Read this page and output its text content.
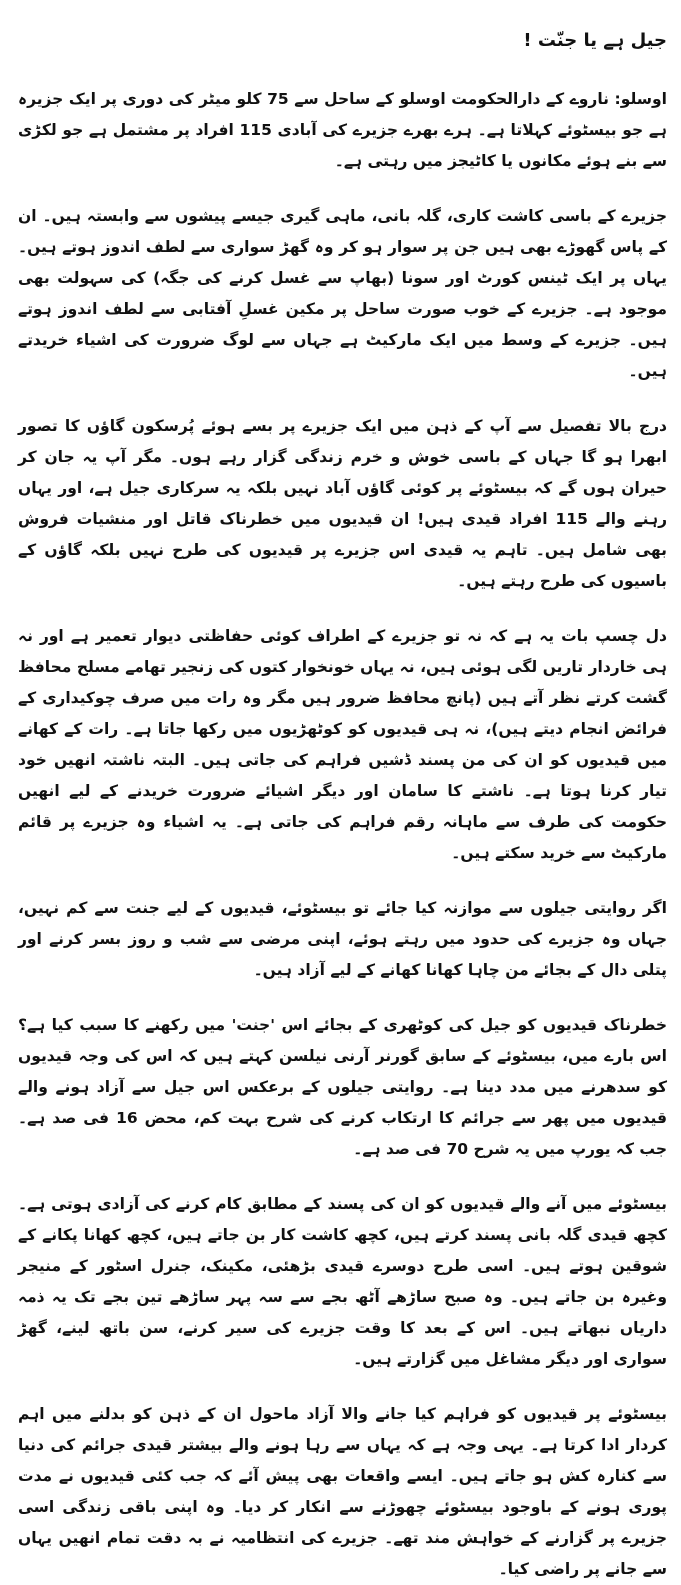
جیل ہے یا جنّت !

اوسلو: ناروے کے دارالحکومت اوسلو کے ساحل سے 75 کلو میٹر کی دوری پر ایک جزیرہ ہے جو بیسٹوئے کہلاتا ہے۔ ہرے بھرے جزیرے کی آبادی 115 افراد پر مشتمل ہے جو لکڑی سے بنے ہوئے مکانوں یا کاٹیجز میں رہتی ہے۔

جزیرے کے باسی کاشت کاری، گلہ بانی، ماہی گیری جیسے پیشوں سے وابستہ ہیں۔ ان کے پاس گھوڑے بھی ہیں جن پر سوار ہو کر وہ گھڑ سواری سے لطف اندوز ہوتے ہیں۔ یہاں پر ایک ٹینس کورٹ اور سونا (بھاپ سے غسل کرنے کی جگہ) کی سہولت بھی موجود ہے۔ جزیرے کے خوب صورت ساحل پر مکین غسلِ آفتابی سے لطف اندوز ہوتے ہیں۔ جزیرے کے وسط میں ایک مارکیٹ ہے جہاں سے لوگ ضرورت کی اشیاء خریدتے ہیں۔

درج بالا تفصیل سے آپ کے ذہن میں ایک جزیرے پر بسے ہوئے پُرسکون گاؤں کا تصور ابھرا ہو گا جہاں کے باسی خوش و خرم زندگی گزار رہے ہوں۔ مگر آپ یہ جان کر حیران ہوں گے کہ بیسٹوئے پر کوئی گاؤں آباد نہیں بلکہ یہ سرکاری جیل ہے، اور یہاں رہنے والے 115 افراد قیدی ہیں! ان قیدیوں میں خطرناک قاتل اور منشیات فروش بھی شامل ہیں۔ تاہم یہ قیدی اس جزیرے پر قیدیوں کی طرح نہیں بلکہ گاؤں کے باسیوں کی طرح رہتے ہیں۔

دل چسپ بات یہ ہے کہ نہ تو جزیرے کے اطراف کوئی حفاظتی دیوار تعمیر ہے اور نہ ہی خاردار تاریں لگی ہوئی ہیں، نہ یہاں خونخوار کتوں کی زنجیر تھامے مسلح محافظ گشت کرتے نظر آتے ہیں (پانچ محافظ ضرور ہیں مگر وہ رات میں صرف چوکیداری کے فرائض انجام دیتے ہیں)، نہ ہی قیدیوں کو کوٹھڑیوں میں رکھا جاتا ہے۔ رات کے کھانے میں قیدیوں کو ان کی من پسند ڈشیں فراہم کی جاتی ہیں۔ البتہ ناشتہ انھیں خود تیار کرنا ہوتا ہے۔ ناشتے کا سامان اور دیگر اشیائے ضرورت خریدنے کے لیے انھیں حکومت کی طرف سے ماہانہ رقم فراہم کی جاتی ہے۔ یہ اشیاء وہ جزیرے پر قائم مارکیٹ سے خرید سکتے ہیں۔

اگر روایتی جیلوں سے موازنہ کیا جائے تو بیسٹوئے، قیدیوں کے لیے جنت سے کم نہیں، جہاں وہ جزیرے کی حدود میں رہتے ہوئے، اپنی مرضی سے شب و روز بسر کرنے اور پتلی دال کے بجائے من چاہا کھانا کھانے کے لیے آزاد ہیں۔

خطرناک قیدیوں کو جیل کی کوٹھری کے بجائے اس 'جنت' میں رکھنے کا سبب کیا ہے؟ اس بارے میں، بیسٹوئے کے سابق گورنر آرنی نیلسن کہتے ہیں کہ اس کی وجہ قیدیوں کو سدھرنے میں مدد دینا ہے۔ روایتی جیلوں کے برعکس اس جیل سے آزاد ہونے والے قیدیوں میں پھر سے جرائم کا ارتکاب کرنے کی شرح بہت کم، محض 16 فی صد ہے۔ جب کہ یورپ میں یہ شرح 70 فی صد ہے۔

بیسٹوئے میں آنے والے قیدیوں کو ان کی پسند کے مطابق کام کرنے کی آزادی ہوتی ہے۔ کچھ قیدی گلہ بانی پسند کرتے ہیں، کچھ کاشت کار بن جاتے ہیں، کچھ کھانا پکانے کے شوقین ہوتے ہیں۔ اسی طرح دوسرے قیدی بڑھئی، مکینک، جنرل اسٹور کے منیجر وغیرہ بن جاتے ہیں۔ وہ صبح ساڑھے آٹھ بجے سے سہ پہر ساڑھے تین بجے تک یہ ذمہ داریاں نبھاتے ہیں۔ اس کے بعد کا وقت جزیرے کی سیر کرنے، سن باتھ لینے، گھڑ سواری اور دیگر مشاغل میں گزارتے ہیں۔

بیسٹوئے پر قیدیوں کو فراہم کیا جانے والا آزاد ماحول ان کے ذہن کو بدلنے میں اہم کردار ادا کرتا ہے۔ یہی وجہ ہے کہ یہاں سے رہا ہونے والے بیشتر قیدی جرائم کی دنیا سے کنارہ کش ہو جاتے ہیں۔ ایسے واقعات بھی پیش آئے کہ جب کئی قیدیوں نے مدت پوری ہونے کے باوجود بیسٹوئے چھوڑنے سے انکار کر دیا۔ وہ اپنی باقی زندگی اسی جزیرے پر گزارنے کے خواہش مند تھے۔ جزیرے کی انتظامیہ نے بہ دقت تمام انھیں یہاں سے جانے پر راضی کیا۔
